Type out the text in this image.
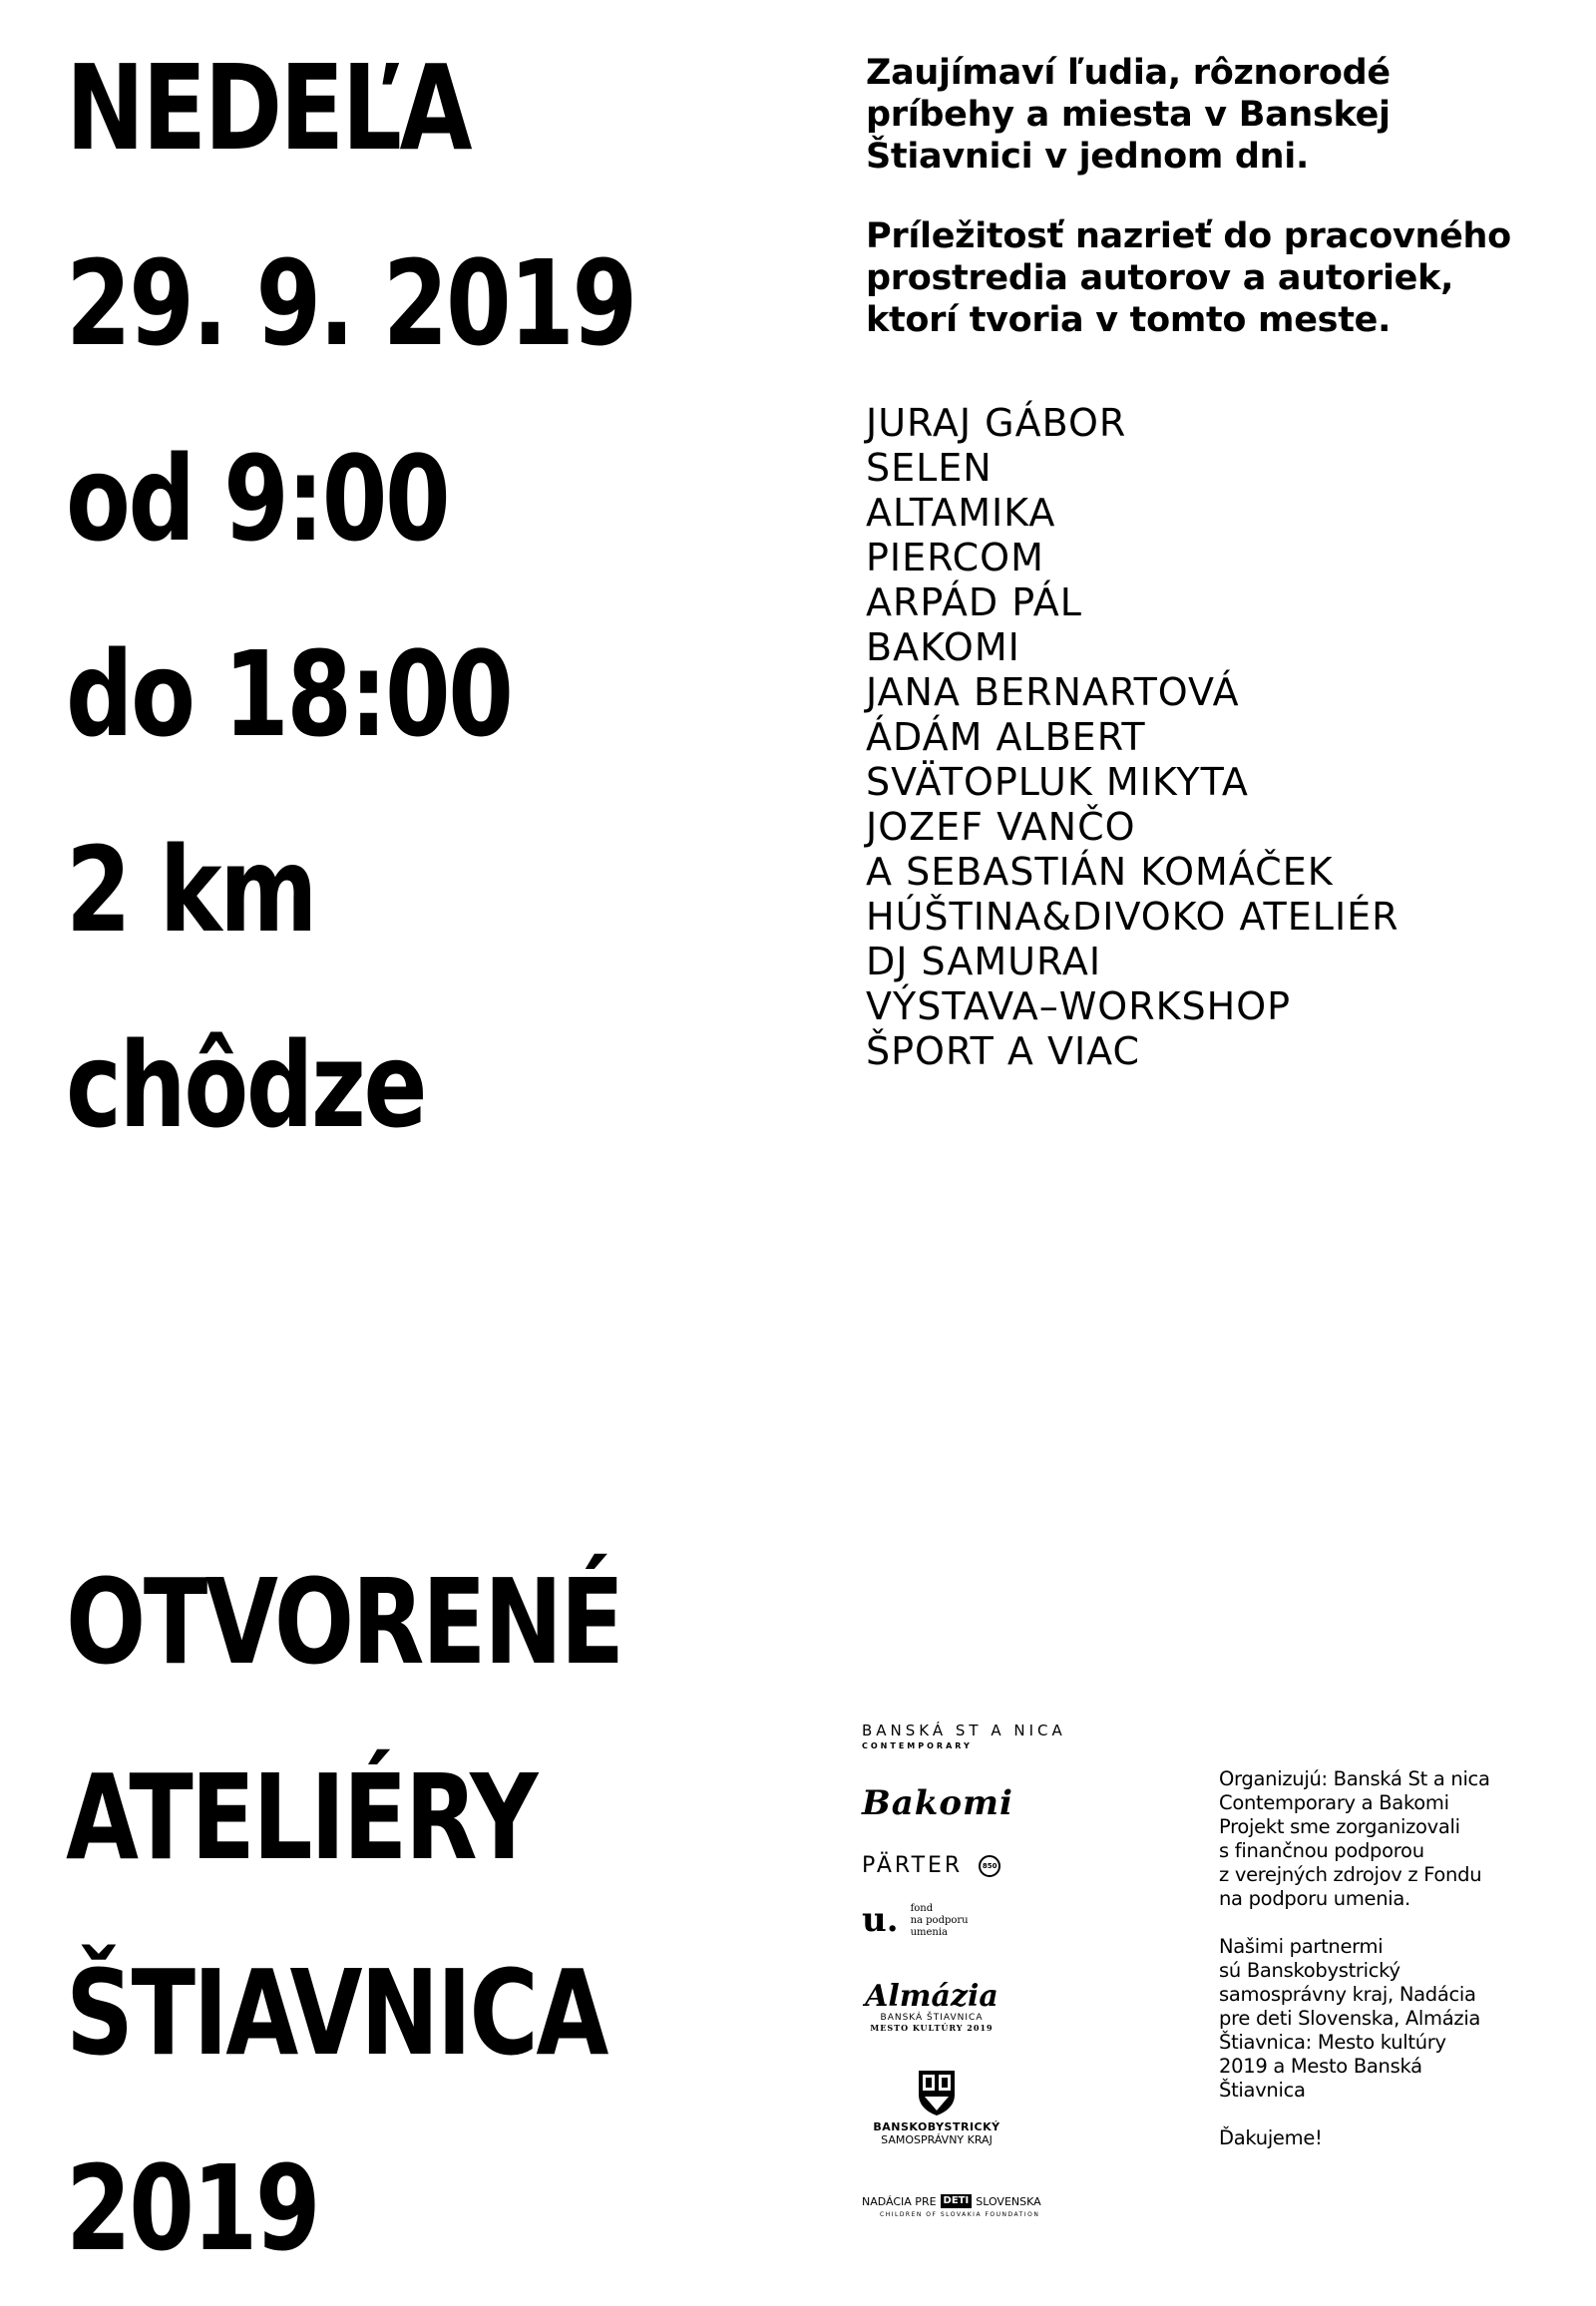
NEDEĽA
29. 9. 2019
od 9:00
do 18:00
2 km
chôdze
OTVORENÉ
ATELIÉRY
ŠTIAVNICA
2019

Zaujímaví ľudia, rôznorodé
príbehy a miesta v Banskej
Štiavnici v jednom dni.

Príležitosť nazrieť do pracovného
prostredia autorov a autoriek,
ktorí tvoria v tomto meste.

JURAJ GÁBOR
SELEN
ALTAMIKA
PIERCOM
ARPÁD PÁL
BAKOMI
JANA BERNARTOVÁ
ÁDÁM ALBERT
SVÄTOPLUK MIKYTA
JOZEF VANČO
A SEBASTIÁN KOMÁČEK
HÚŠTINA&DIVOKO ATELIÉR
DJ SAMURAI
VÝSTAVA–WORKSHOP
ŠPORT A VIAC
BANSKÁ ST A NICA
CONTEMPORARY
Bakomi
PÄRTER	850
u. fond
na podporu
umenia
Almázia
BANSKÁ ŠTIAVNICA
MESTO KULTÚRY 2019
BANSKOBYSTRICKÝ
SAMOSPRÁVNY KRAJ
NADÁCIA PRE DETI SLOVENSKA
CHILDREN OF SLOVAKIA FOUNDATION

Organizujú: Banská St a nica
Contemporary a Bakomi
Projekt sme zorganizovali
s finančnou podporou
z verejných zdrojov z Fondu
na podporu umenia.

Našimi partnermi
sú Banskobystrický
samosprávny kraj, Nadácia
pre deti Slovenska, Almázia
Štiavnica: Mesto kultúry
2019 a Mesto Banská
Štiavnica

Ďakujeme!
